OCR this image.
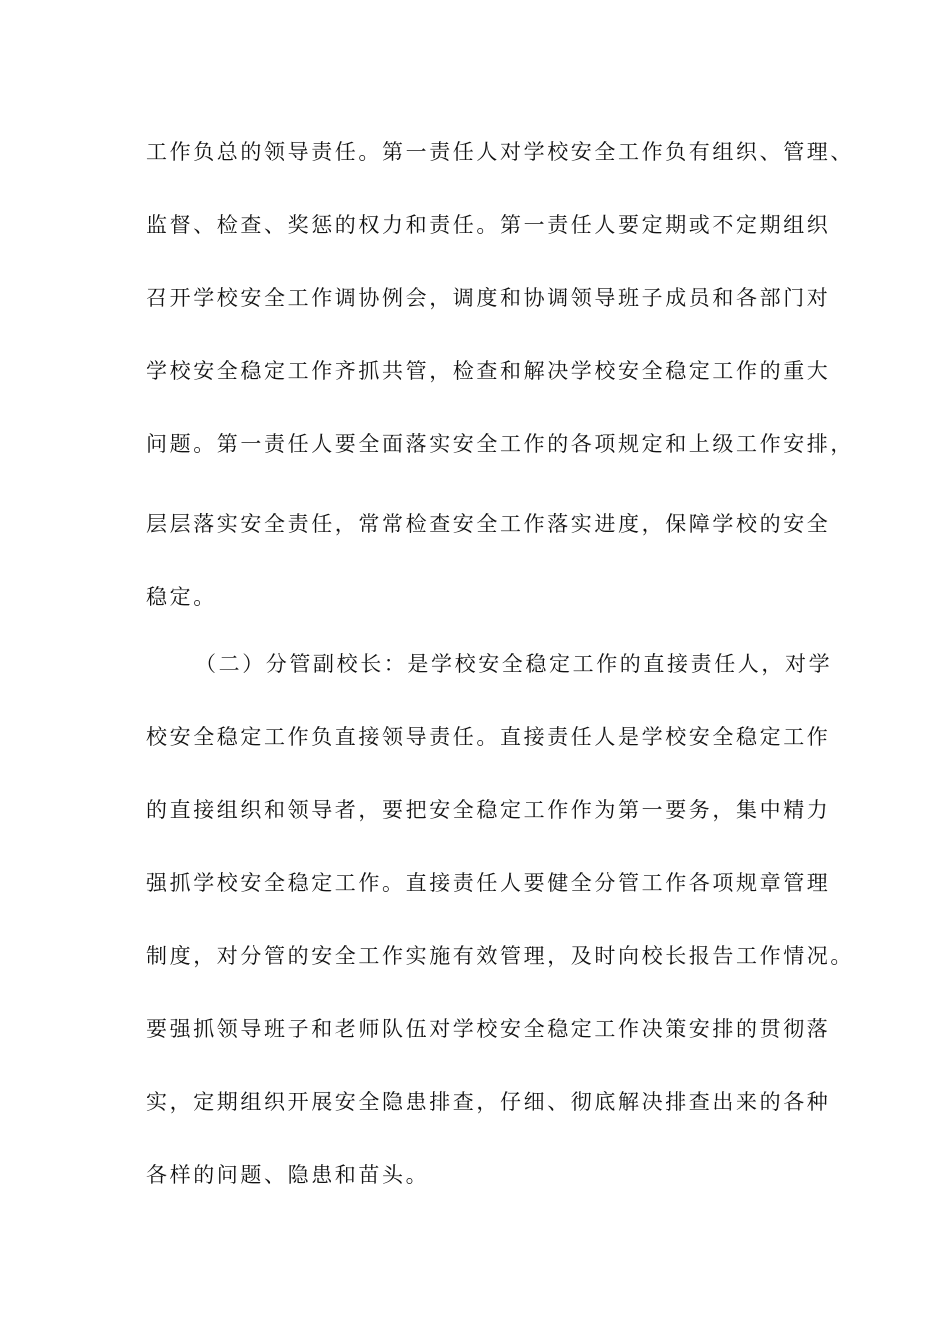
工作负总的领导责任。第一责任人对学校安全工作负有组织、管理、

监督、检查、奖惩的权力和责任。第一责任人要定期或不定期组织

召开学校安全工作调协例会，调度和协调领导班子成员和各部门对

学校安全稳定工作齐抓共管，检查和解决学校安全稳定工作的重大

问题。第一责任人要全面落实安全工作的各项规定和上级工作安排，

层层落实安全责任，常常检查安全工作落实进度，保障学校的安全

稳定。

（二）分管副校长：是学校安全稳定工作的直接责任人，对学

校安全稳定工作负直接领导责任。直接责任人是学校安全稳定工作

的直接组织和领导者，要把安全稳定工作作为第一要务，集中精力

强抓学校安全稳定工作。直接责任人要健全分管工作各项规章管理

制度，对分管的安全工作实施有效管理，及时向校长报告工作情况。

要强抓领导班子和老师队伍对学校安全稳定工作决策安排的贯彻落

实，定期组织开展安全隐患排查，仔细、彻底解决排查出来的各种

各样的问题、隐患和苗头。
